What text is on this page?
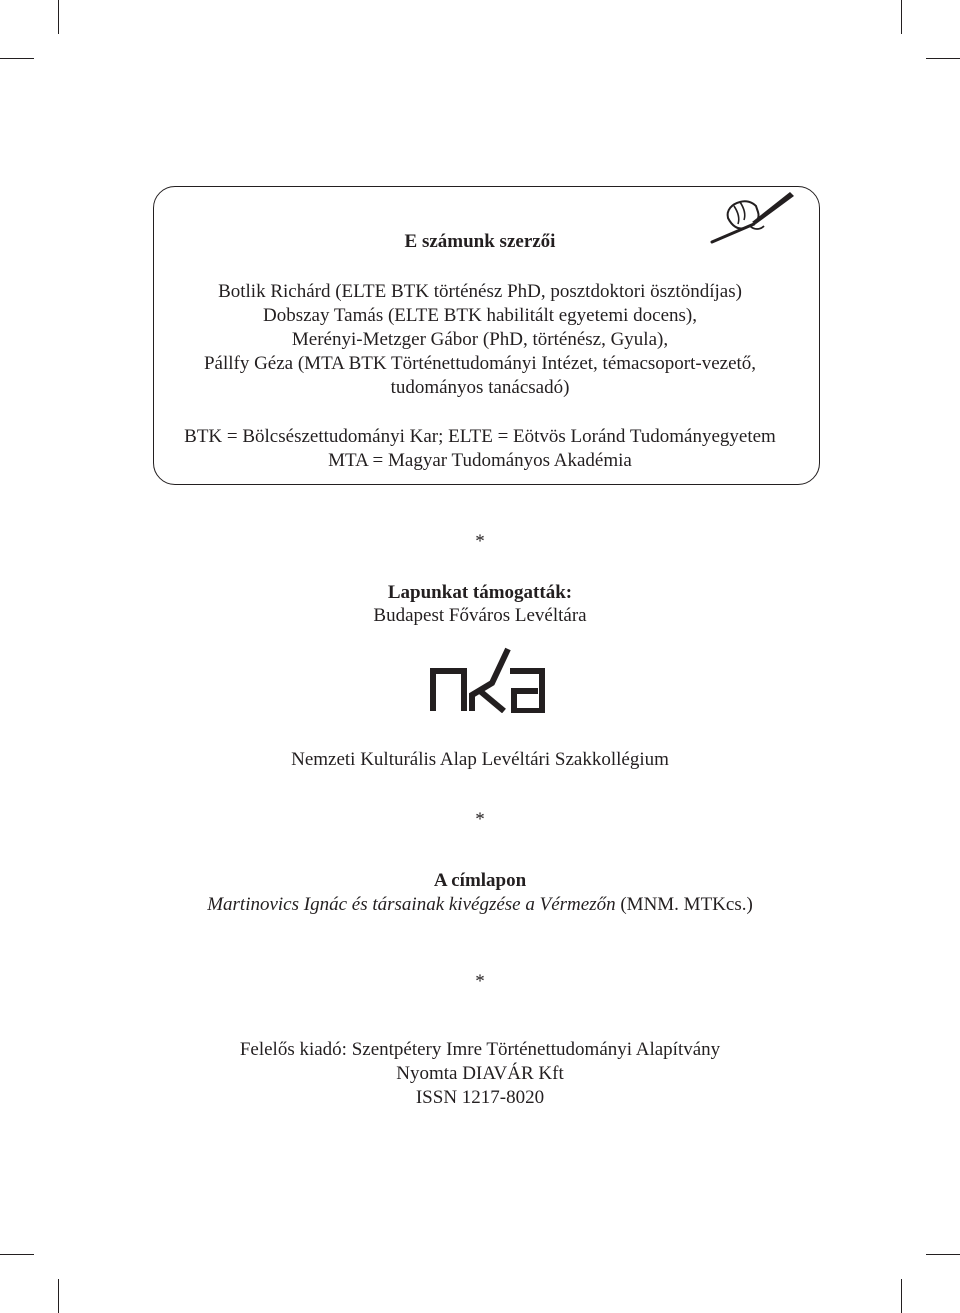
E számunk szerzői
Botlik Richárd (ELTE BTK történész PhD, posztdoktori ösztöndíjas)
Dobszay Tamás (ELTE BTK habilitált egyetemi docens),
Merényi-Metzger Gábor (PhD, történész, Gyula),
Pállfy Géza (MTA BTK Történettudományi Intézet, témacsoport-vezető,
tudományos tanácsadó)
BTK = Bölcsészettudományi Kar; ELTE = Eötvös Loránd Tudományegyetem
MTA = Magyar Tudományos Akadémia
*
Lapunkat támogatták:
Budapest Főváros Levéltára
Nemzeti Kulturális Alap Levéltári Szakkollégium
*
A címlapon
Martinovics Ignác és társainak kivégzése a Vérmezőn (MNM. MTKcs.)
*
Felelős kiadó: Szentpétery Imre Történettudományi Alapítvány
Nyomta DIAVÁR Kft
ISSN 1217-8020
